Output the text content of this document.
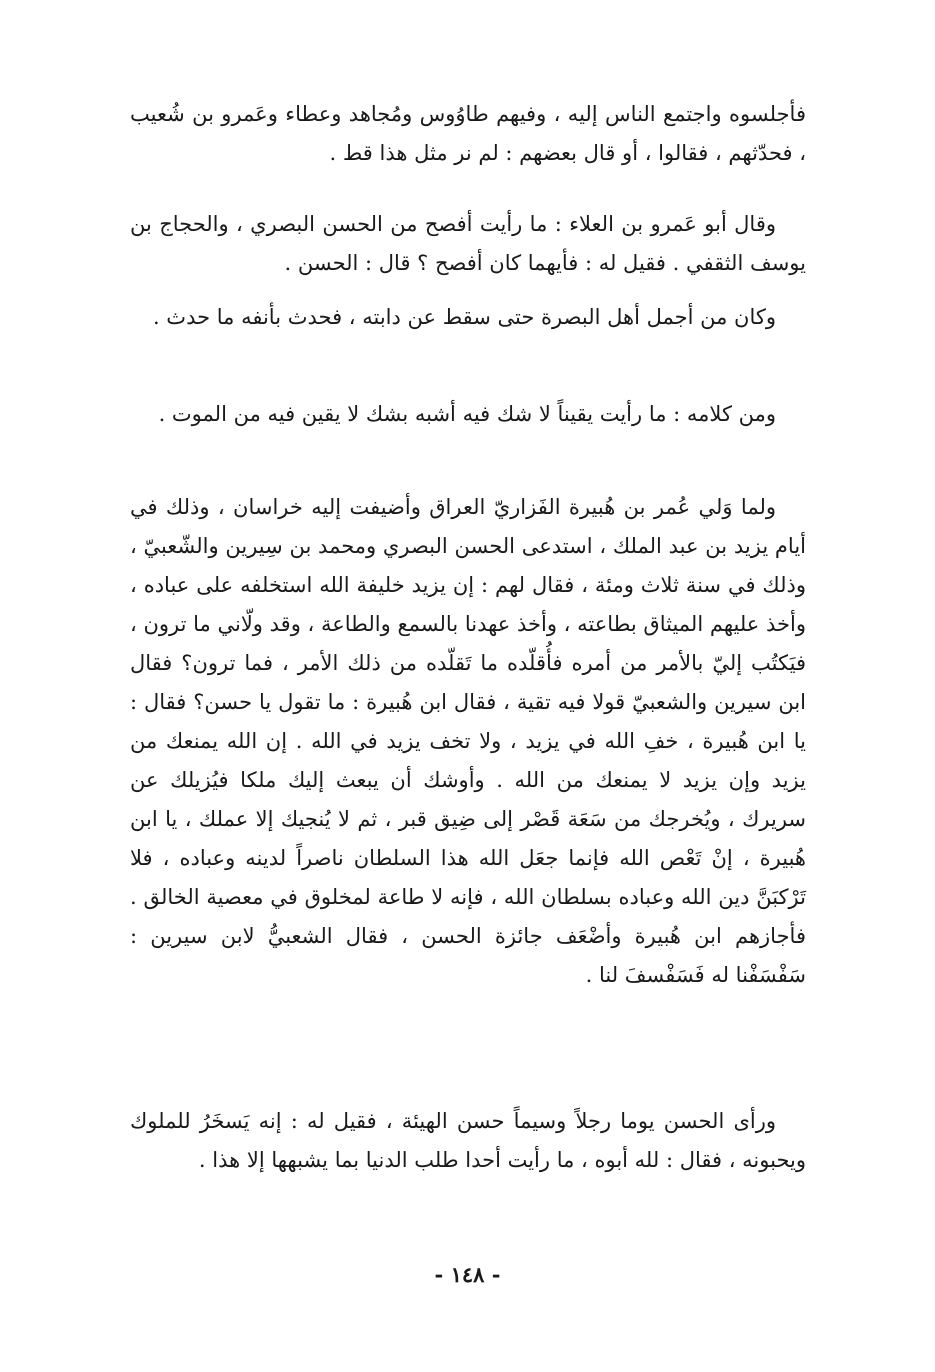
فأجلسوه واجتمع الناس إليه ، وفيهم طاوُوس ومُجاهد وعطاء وعَمرو بن شُعيب ، فحدّثهم ، فقالوا ، أو قال بعضهم : لم نر مثل هذا قط .

وقال أبو عَمرو بن العلاء : ما رأيت أفصح من الحسن البصري ، والحجاج بن يوسف الثقفي . فقيل له : فأيهما كان أفصح ؟ قال : الحسن .

وكان من أجمل أهل البصرة حتى سقط عن دابته ، فحدث بأنفه ما حدث .

ومن كلامه : ما رأيت يقيناً لا شك فيه أشبه بشك لا يقين فيه من الموت .

ولما وَلي عُمر بن هُبيرة الفَزاريّ العراق وأضيفت إليه خراسان ، وذلك في أيام يزيد بن عبد الملك ، استدعى الحسن البصري ومحمد بن سِيرين والشّعبيّ ، وذلك في سنة ثلاث ومئة ، فقال لهم : إن يزيد خليفة الله استخلفه على عباده ، وأخذ عليهم الميثاق بطاعته ، وأخذ عهدنا بالسمع والطاعة ، وقد ولّاني ما ترون ، فيَكتُب إليّ بالأمر من أمره فأُقلّده ما تَقلّده من ذلك الأمر ، فما ترون؟ فقال ابن سيرين والشعبيّ قولا فيه تقية ، فقال ابن هُبيرة : ما تقول يا حسن؟ فقال : يا ابن هُبيرة ، خفِ الله في يزيد ، ولا تخف يزيد في الله . إن الله يمنعك من يزيد وإن يزيد لا يمنعك من الله . وأوشك أن يبعث إليك ملكا فيُزيلك عن سريرك ، ويُخرجك من سَعَة قَصْر إلى ضِيق قبر ، ثم لا يُنجيك إلا عملك ، يا ابن هُبيرة ، إنْ تَعْص الله فإنما جعَل الله هذا السلطان ناصراً لدينه وعباده ، فلا تَرْكبَنَّ دين الله وعباده بسلطان الله ، فإنه لا طاعة لمخلوق في معصية الخالق . فأجازهم ابن هُبيرة وأضْعَف جائزة الحسن ، فقال الشعبيُّ لابن سيرين : سَفْسَفْنا له فَسَفْسفَ لنا .

ورأى الحسن يوما رجلاً وسيماً حسن الهيئة ، فقيل له : إنه يَسخَرُ للملوك ويحبونه ، فقال : لله أبوه ، ما رأيت أحدا طلب الدنيا بما يشبهها إلا هذا .

- ١٤٨ -
